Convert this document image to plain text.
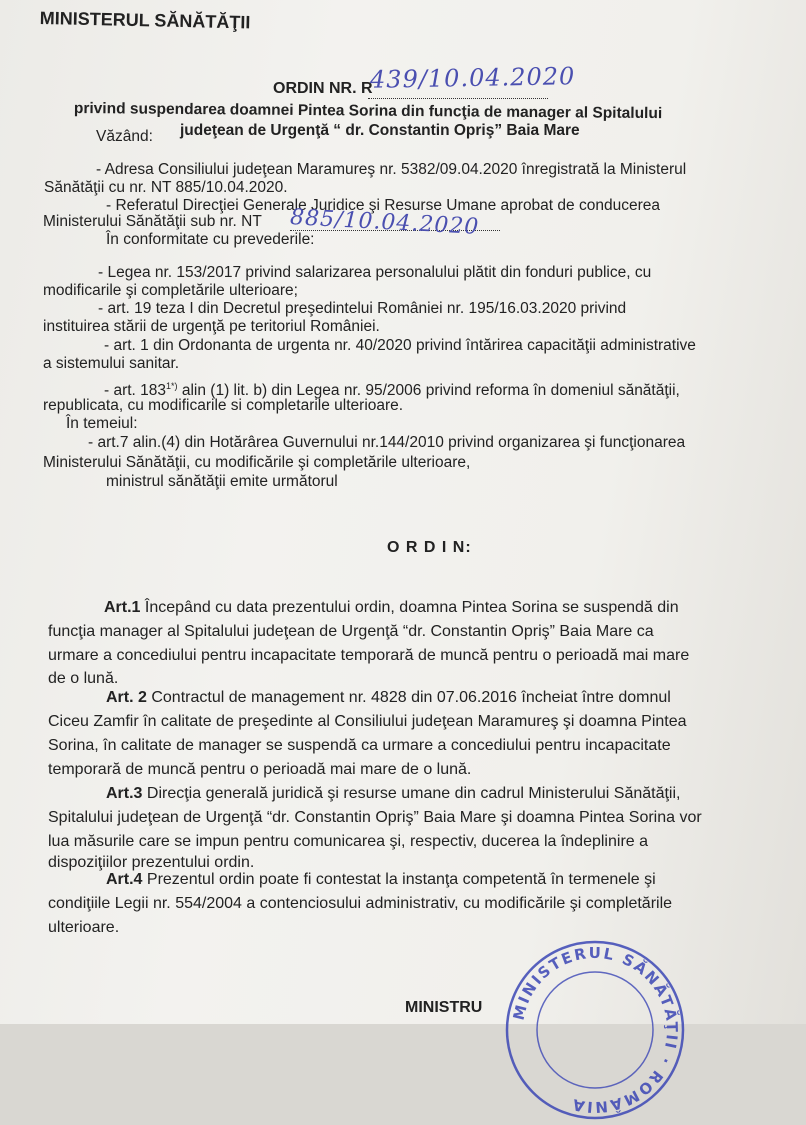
MINISTERUL SĂNĂTĂŢII
ORDIN NR. R
439/10.04.2020
privind suspendarea doamnei Pintea Sorina din funcţia de manager al Spitalului
judeţean de Urgenţă “ dr. Constantin Opriş” Baia Mare
Văzând:
- Adresa Consiliului judeţean Maramureş nr. 5382/09.04.2020 înregistrată la Ministerul
Sănătăţii cu nr. NT 885/10.04.2020.
- Referatul Direcţiei Generale Juridice şi Resurse Umane aprobat de conducerea
Ministerului Sănătăţii sub nr. NT 885/10.04.2020
În conformitate cu prevederile:
- Legea nr. 153/2017 privind salarizarea personalului plătit din fonduri publice, cu
modificarile şi completările ulterioare;
- art. 19 teza I din Decretul preşedintelui României nr. 195/16.03.2020 privind
instituirea stării de urgenţă pe teritoriul României.
- art. 1 din Ordonanta de urgenta nr. 40/2020 privind întărirea capacităţii administrative
a sistemului sanitar.
- art. $183^{1*)}$ alin (1) lit. b) din Legea nr. 95/2006 privind reforma în domeniul sănătăţii,
republicata, cu modificarile si completarile ulterioare.
În temeiul:
- art.7 alin.(4) din Hotărârea Guvernului nr.144/2010 privind organizarea şi funcţionarea
Ministerului Sănătăţii, cu modificările şi completările ulterioare,
ministrul sănătăţii emite următorul
O R D I N:
Art.1 Începând cu data prezentului ordin, doamna Pintea Sorina se suspendă din
funcţia manager al Spitalului judeţean de Urgenţă “dr. Constantin Opriş” Baia Mare ca
urmare a concediului pentru incapacitate temporară de muncă pentru o perioadă mai mare
de o lună.
Art. 2 Contractul de management nr. 4828 din 07.06.2016 încheiat între domnul
Ciceu Zamfir în calitate de preşedinte al Consiliului judeţean Maramureş şi doamna Pintea
Sorina, în calitate de manager se suspendă ca urmare a concediului pentru incapacitate
temporară de muncă pentru o perioadă mai mare de o lună.
Art.3 Direcţia generală juridică şi resurse umane din cadrul Ministerului Sănătăţii,
Spitalului judeţean de Urgenţă “dr. Constantin Opriş” Baia Mare şi doamna Pintea Sorina vor
lua măsurile care se impun pentru comunicarea şi, respectiv, ducerea la îndeplinire a
dispoziţiilor prezentului ordin.
Art.4 Prezentul ordin poate fi contestat la instanţa competentă în termenele şi
condiţiile Legii nr. 554/2004 a contenciosului administrativ, cu modificările şi completările
ulterioare.
MINISTRU MINISTERUL SĂNĂTĂŢII · ROMÂNIA
